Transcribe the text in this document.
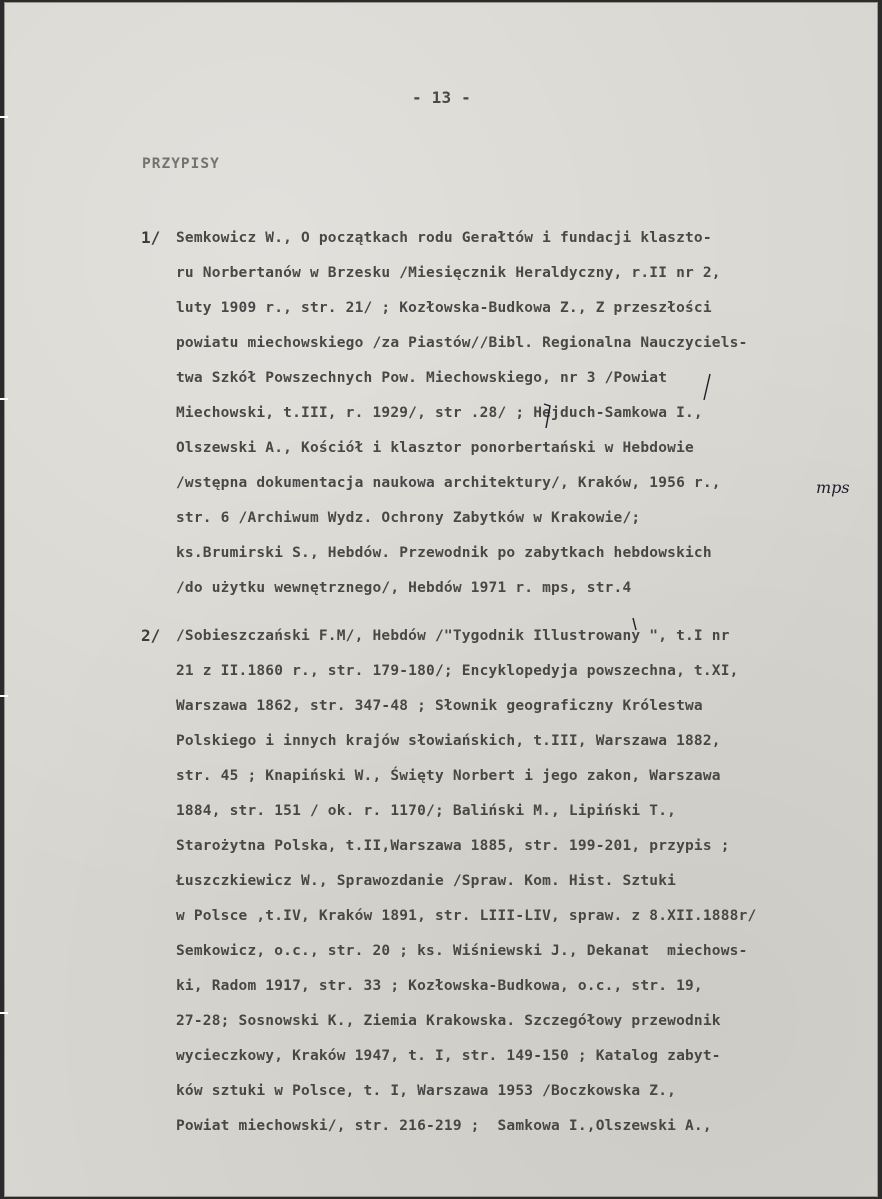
- 13 -
PRZYPISY
1/ Semkowicz W., O początkach rodu Gerałtów i fundacji klaszto-
ru Norbertanów w Brzesku /Miesięcznik Heraldyczny, r.II nr 2,
luty 1909 r., str. 21/ ; Kozłowska-Budkowa Z., Z przeszłości
powiatu miechowskiego /za Piastów//Bibl. Regionalna Nauczyciels-
twa Szkół Powszechnych Pow. Miechowskiego, nr 3 /Powiat
Miechowski, t.III, r. 1929/, str .28/ ; Hejduch-Samkowa I.,
Olszewski A., Kościół i klasztor ponorbertański w Hebdowie
/wstępna dokumentacja naukowa architektury/, Kraków, 1956 r.,
str. 6 /Archiwum Wydz. Ochrony Zabytków w Krakowie/;
ks.Brumirski S., Hebdów. Przewodnik po zabytkach hebdowskich
/do użytku wewnętrznego/, Hebdów 1971 r. mps, str.4
mps
2/ /Sobieszczański F.M/, Hebdów /"Tygodnik Illustrowany ", t.I nr
21 z II.1860 r., str. 179-180/; Encyklopedyja powszechna, t.XI,
Warszawa 1862, str. 347-48 ; Słownik geograficzny Królestwa
Polskiego i innych krajów słowiańskich, t.III, Warszawa 1882,
str. 45 ; Knapiński W., Święty Norbert i jego zakon, Warszawa
1884, str. 151 / ok. r. 1170/; Baliński M., Lipiński T.,
Starożytna Polska, t.II,Warszawa 1885, str. 199-201, przypis ;
Łuszczkiewicz W., Sprawozdanie /Spraw. Kom. Hist. Sztuki
w Polsce ,t.IV, Kraków 1891, str. LIII-LIV, spraw. z 8.XII.1888r/
Semkowicz, o.c., str. 20 ; ks. Wiśniewski J., Dekanat  miechows-
ki, Radom 1917, str. 33 ; Kozłowska-Budkowa, o.c., str. 19,
27-28; Sosnowski K., Ziemia Krakowska. Szczegółowy przewodnik
wycieczkowy, Kraków 1947, t. I, str. 149-150 ; Katalog zabyt-
ków sztuki w Polsce, t. I, Warszawa 1953 /Boczkowska Z.,
Powiat miechowski/, str. 216-219 ;  Samkowa I.,Olszewski A.,
